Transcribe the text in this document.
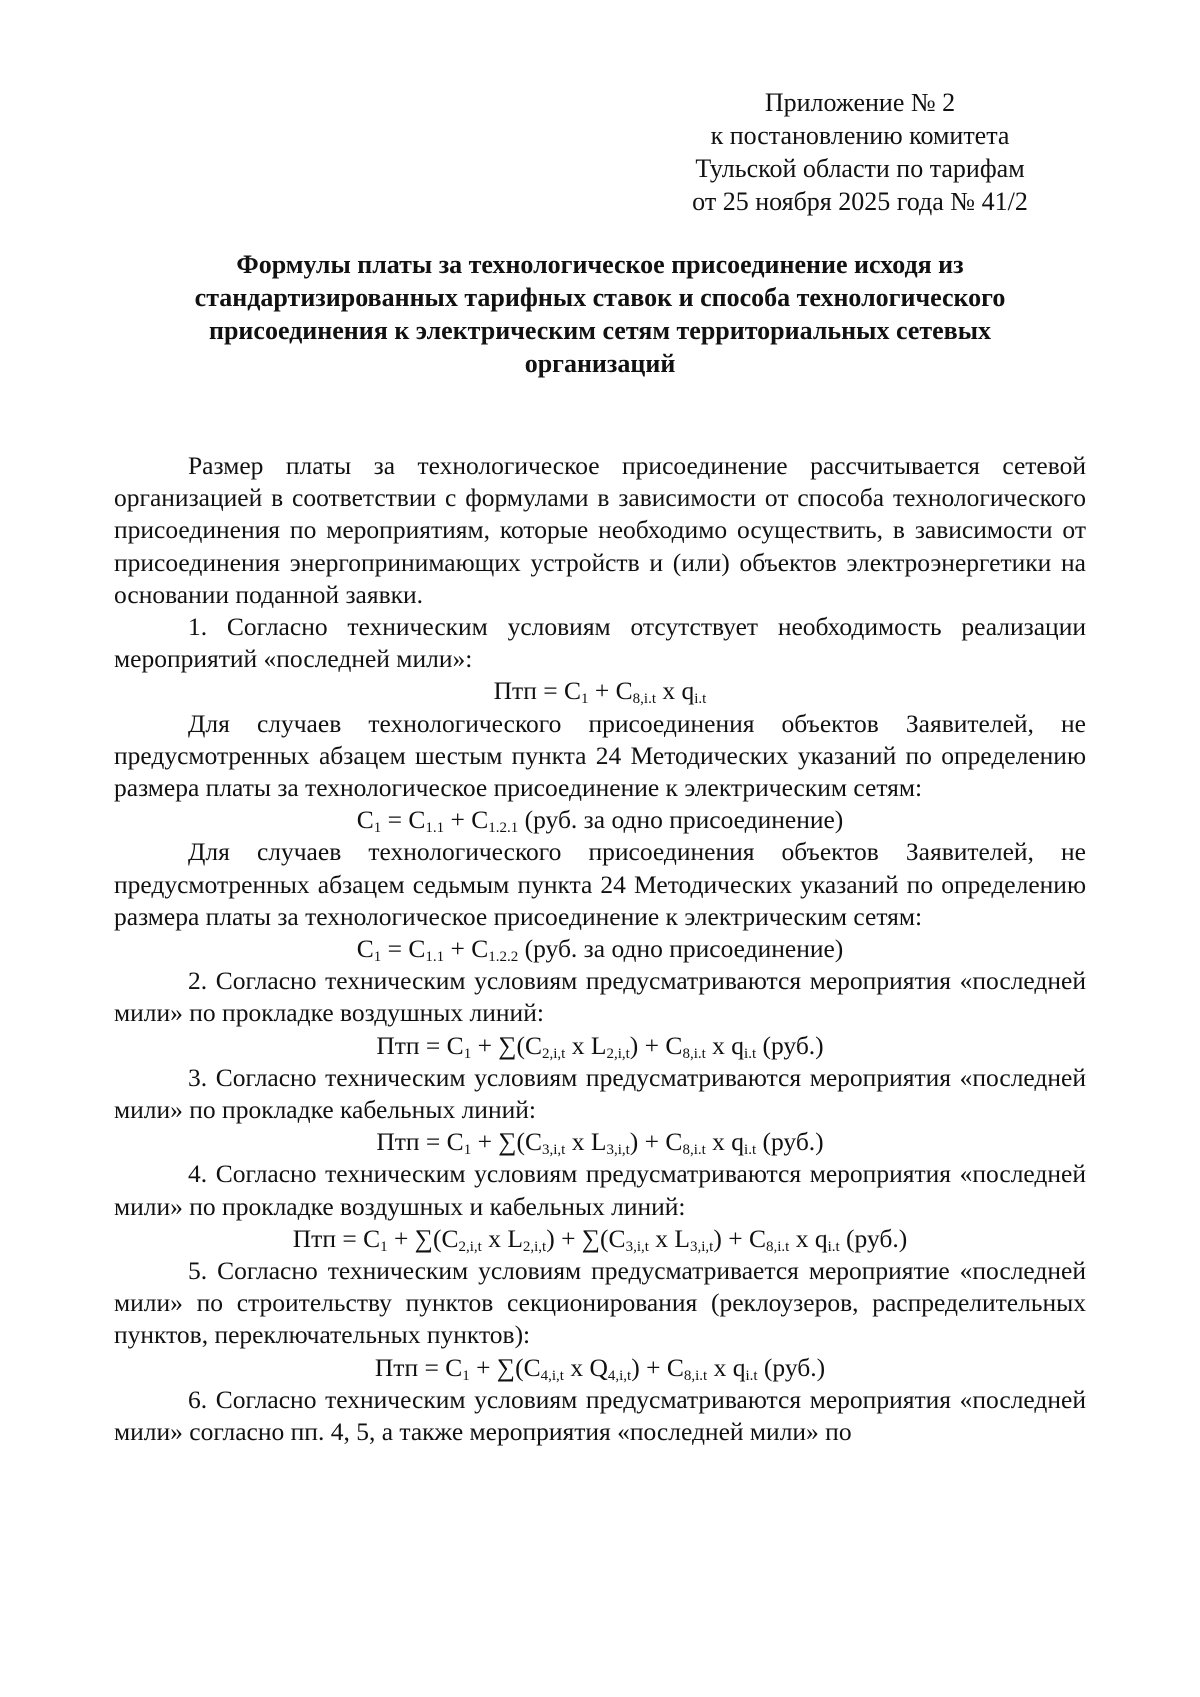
Приложение № 2
к постановлению комитета
Тульской области по тарифам
от 25 ноября 2025 года № 41/2
Формулы платы за технологическое присоединение исходя из
стандартизированных тарифных ставок и способа технологического
присоединения к электрическим сетям территориальных сетевых
организаций

Размер платы за технологическое присоединение рассчитывается сетевой организацией в соответствии с формулами в зависимости от способа технологического присоединения по мероприятиям, которые необходимо осуществить, в зависимости от присоединения энергопринимающих устройств и (или) объектов электроэнергетики на основании поданной заявки.

1. Согласно техническим условиям отсутствует необходимость реализации мероприятий «последней мили»:

Птп = $C_1 + C_{8,i.t}$ x $q_{i.t}$

Для случаев технологического присоединения объектов Заявителей, не предусмотренных абзацем шестым пункта 24 Методических указаний по определению размера платы за технологическое присоединение к электрическим сетям:

$C_1 = C_{1.1} + C_{1.2.1}$ (руб. за одно присоединение)

Для случаев технологического присоединения объектов Заявителей, не предусмотренных абзацем седьмым пункта 24 Методических указаний по определению размера платы за технологическое присоединение к электрическим сетям:

$C_1 = C_{1.1} + C_{1.2.2}$ (руб. за одно присоединение)

2. Согласно техническим условиям предусматриваются мероприятия «последней мили» по прокладке воздушных линий:

Птп = $C_1 + \sum(C_{2,i,t}$ x $L_{2,i,t}) + C_{8,i.t}$ x $q_{i.t}$ (руб.)

3. Согласно техническим условиям предусматриваются мероприятия «последней мили» по прокладке кабельных линий:

Птп = $C_1 + \sum(C_{3,i,t}$ x $L_{3,i,t}) + C_{8,i.t}$ x $q_{i.t}$ (руб.)

4. Согласно техническим условиям предусматриваются мероприятия «последней мили» по прокладке воздушных и кабельных линий:

Птп = $C_1 + \sum(C_{2,i,t}$ x $L_{2,i,t}) + \sum(C_{3,i,t}$ x $L_{3,i,t}) + C_{8,i.t}$ x $q_{i.t}$ (руб.)

5. Согласно техническим условиям предусматривается мероприятие «последней мили» по строительству пунктов секционирования (реклоузеров, распределительных пунктов, переключательных пунктов):

Птп = $C_1 + \sum(C_{4,i,t}$ x $Q_{4,i,t}) + C_{8,i.t}$ x $q_{i.t}$ (руб.)

6. Согласно техническим условиям предусматриваются мероприятия «последней мили» согласно пп. 4, 5, а также мероприятия «последней мили» по
